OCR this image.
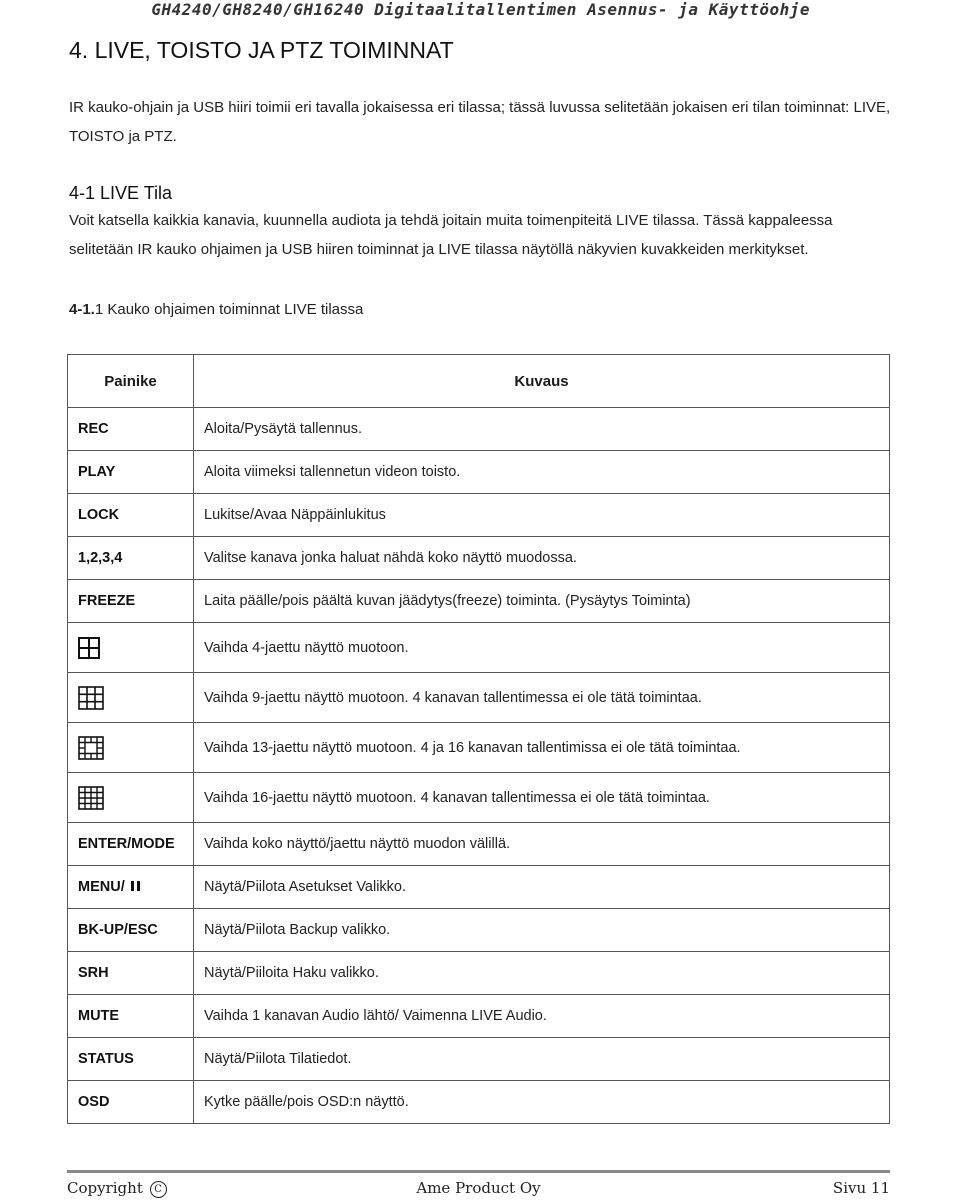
GH4240/GH8240/GH16240 Digitaalitallentimen Asennus- ja Käyttöohje
4. LIVE, TOISTO JA PTZ TOIMINNAT

IR kauko-ohjain ja USB hiiri toimii eri tavalla jokaisessa eri tilassa; tässä luvussa selitetään jokaisen eri tilan toiminnat: LIVE, TOISTO ja PTZ.

4-1 LIVE Tila

Voit katsella kaikkia kanavia, kuunnella audiota ja tehdä joitain muita toimenpiteitä LIVE tilassa. Tässä kappaleessa selitetään IR kauko ohjaimen ja USB hiiren toiminnat ja LIVE tilassa näytöllä näkyvien kuvakkeiden merkitykset.

4-1.1 Kauko ohjaimen toiminnat LIVE tilassa
Painike	Kuvaus
REC	Aloita/Pysäytä tallennus.
PLAY	Aloita viimeksi tallennetun videon toisto.
LOCK	Lukitse/Avaa Näppäinlukitus
1,2,3,4	Valitse kanava jonka haluat nähdä koko näyttö muodossa.
FREEZE	Laita päälle/pois päältä kuvan jäädytys(freeze) toiminta. (Pysäytys Toiminta)
	Vaihda 4-jaettu näyttö muotoon.
	Vaihda 9-jaettu näyttö muotoon. 4 kanavan tallentimessa ei ole tätä toimintaa.
	Vaihda 13-jaettu näyttö muotoon. 4 ja 16 kanavan tallentimissa ei ole tätä toimintaa.
	Vaihda 16-jaettu näyttö muotoon. 4 kanavan tallentimessa ei ole tätä toimintaa.
ENTER/MODE	Vaihda koko näyttö/jaettu näyttö muodon välillä.
MENU/	Näytä/Piilota Asetukset Valikko.
BK-UP/ESC	Näytä/Piilota Backup valikko.
SRH	Näytä/Piiloita Haku valikko.
MUTE	Vaihda 1 kanavan Audio lähtö/ Vaimenna LIVE Audio.
STATUS	Näytä/Piilota Tilatiedot.
OSD	Kytke päälle/pois OSD:n näyttö.
Copyright C	Ame Product Oy	Sivu 11
